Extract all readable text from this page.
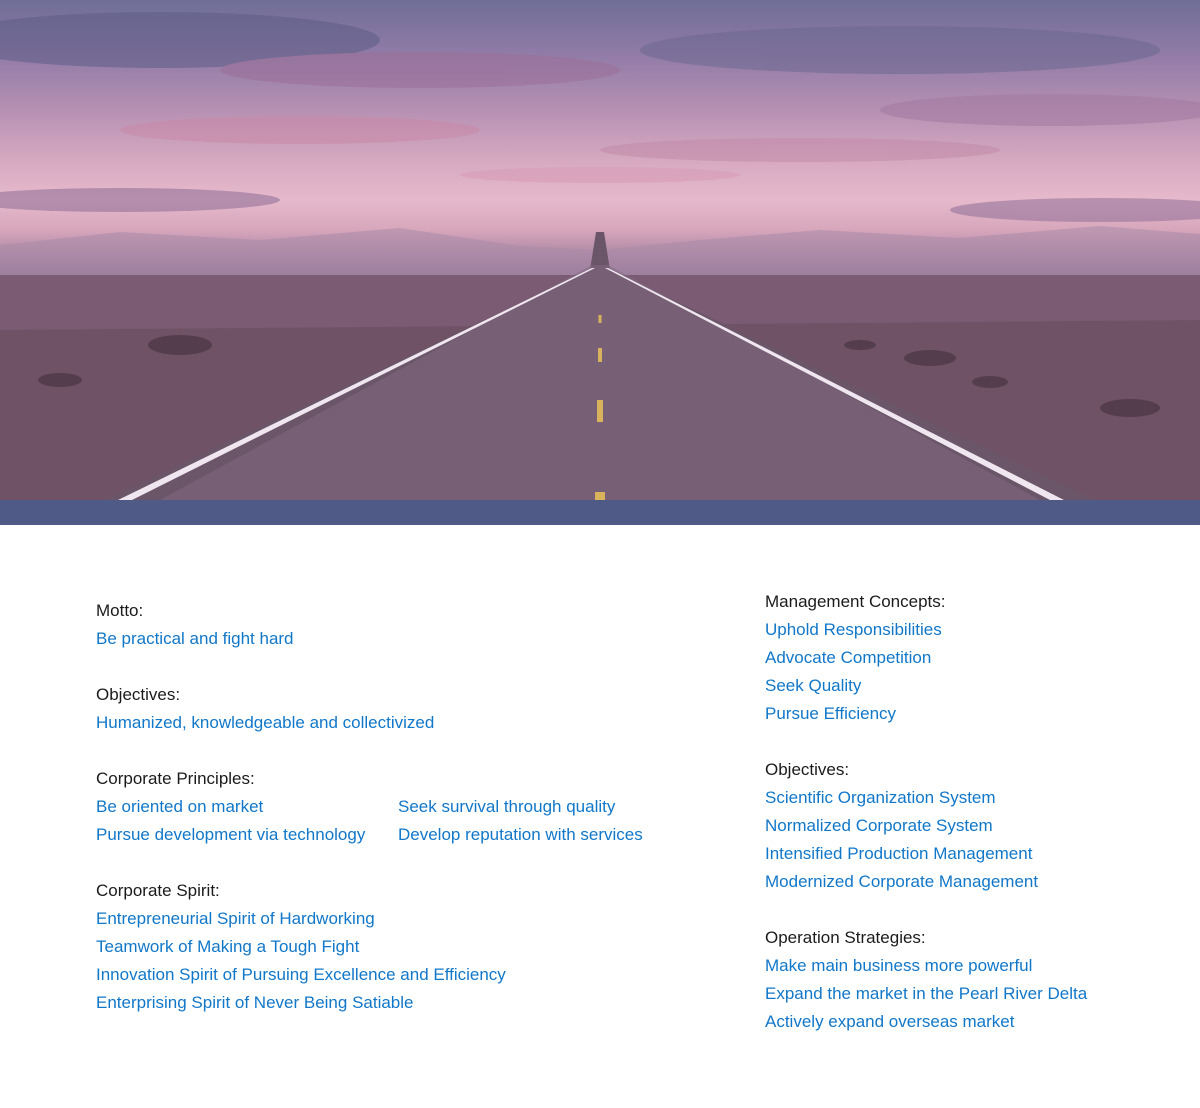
Motto:
Be practical and fight hard
Objectives:
Humanized, knowledgeable and collectivized
Corporate Principles:
Be oriented on market	Seek survival through quality
Pursue development via technology	Develop reputation with services
Corporate Spirit:
Entrepreneurial Spirit of Hardworking
Teamwork of Making a Tough Fight
Innovation Spirit of Pursuing Excellence and Efficiency
Enterprising Spirit of Never Being Satiable
Management Concepts:
Uphold Responsibilities
Advocate Competition
Seek Quality
Pursue Efficiency
Objectives:
Scientific Organization System
Normalized Corporate System
Intensified Production Management
Modernized Corporate Management
Operation Strategies:
Make main business more powerful
Expand the market in the Pearl River Delta
Actively expand overseas market
